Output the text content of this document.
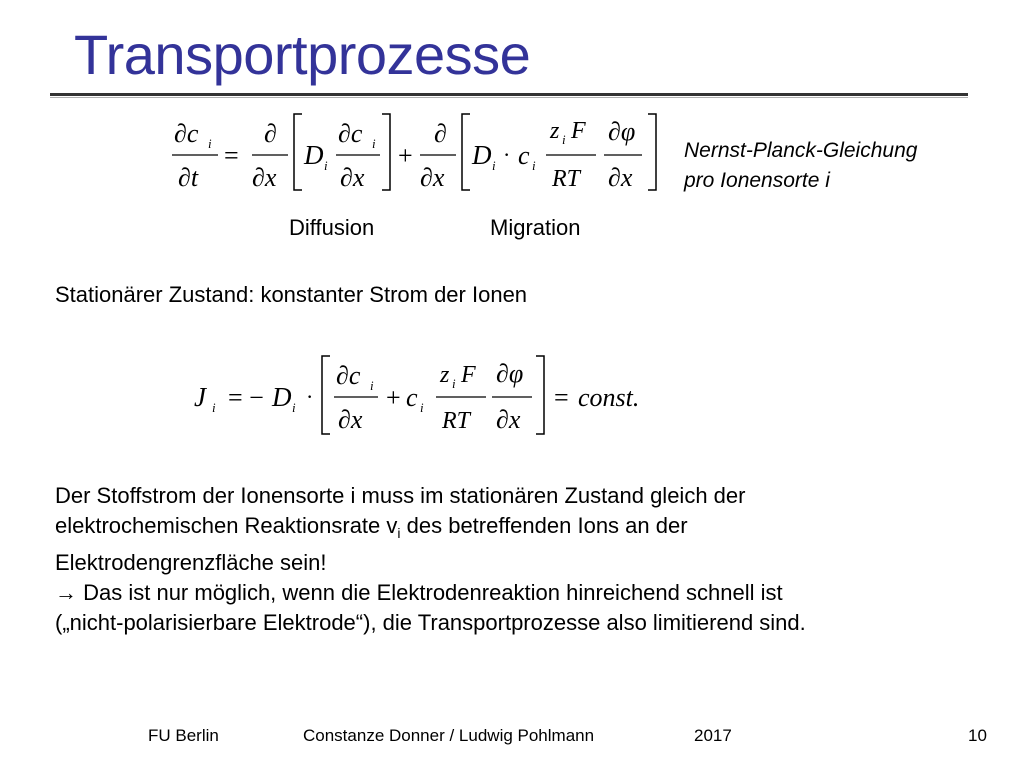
Transportprozesse
∂c i
∂t
=
∂
∂x
D i
∂c i
∂x
+
∂
∂x
D i · c i
z i F
RT
∂φ
∂x
Nernst-Planck-Gleichung
pro Ionensorte i
Diffusion	Migration
Stationärer Zustand: konstanter Strom der Ionen
J i = − D i ·
∂c i
∂x
+ c i
z i F
RT
∂φ
∂x
= const.
Der Stoffstrom der Ionensorte i muss im stationären Zustand gleich der
elektrochemischen Reaktionsrate $v_i$ des betreffenden Ions an der
Elektrodengrenzfläche sein!
→ Das ist nur möglich, wenn die Elektrodenreaktion hinreichend schnell ist
(„nicht-polarisierbare Elektrode“), die Transportprozesse also limitierend sind.
FU Berlin	Constanze Donner / Ludwig Pohlmann	2017	10
